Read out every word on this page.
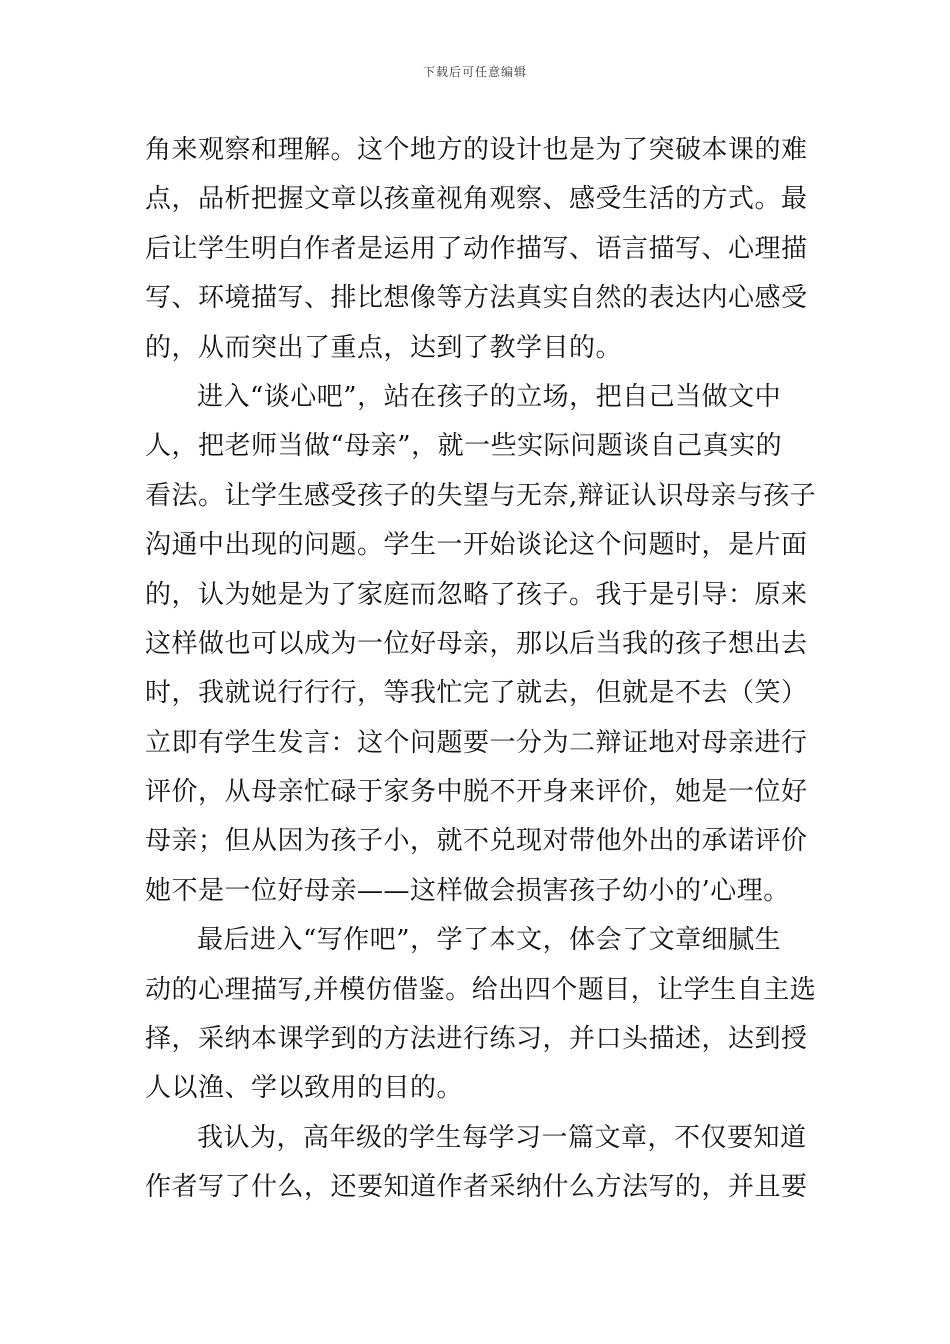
下载后可任意编辑
角来观察和理解。这个地方的设计也是为了突破本课的难
点，品析把握文章以孩童视角观察、感受生活的方式。最
后让学生明白作者是运用了动作描写、语言描写、心理描
写、环境描写、排比想像等方法真实自然的表达内心感受
的，从而突出了重点，达到了教学目的。
进入“谈心吧”，站在孩子的立场，把自己当做文中
人，把老师当做“母亲”，就一些实际问题谈自己真实的
看法。让学生感受孩子的失望与无奈,辩证认识母亲与孩子
沟通中出现的问题。学生一开始谈论这个问题时，是片面
的，认为她是为了家庭而忽略了孩子。我于是引导：原来
这样做也可以成为一位好母亲，那以后当我的孩子想出去
时，我就说行行行，等我忙完了就去，但就是不去（笑）
立即有学生发言：这个问题要一分为二辩证地对母亲进行
评价，从母亲忙碌于家务中脱不开身来评价，她是一位好
母亲；但从因为孩子小，就不兑现对带他外出的承诺评价
她不是一位好母亲——这样做会损害孩子幼小的’心理。
最后进入“写作吧”，学了本文，体会了文章细腻生
动的心理描写,并模仿借鉴。给出四个题目，让学生自主选
择，采纳本课学到的方法进行练习，并口头描述，达到授
人以渔、学以致用的目的。
我认为，高年级的学生每学习一篇文章，不仅要知道
作者写了什么，还要知道作者采纳什么方法写的，并且要
